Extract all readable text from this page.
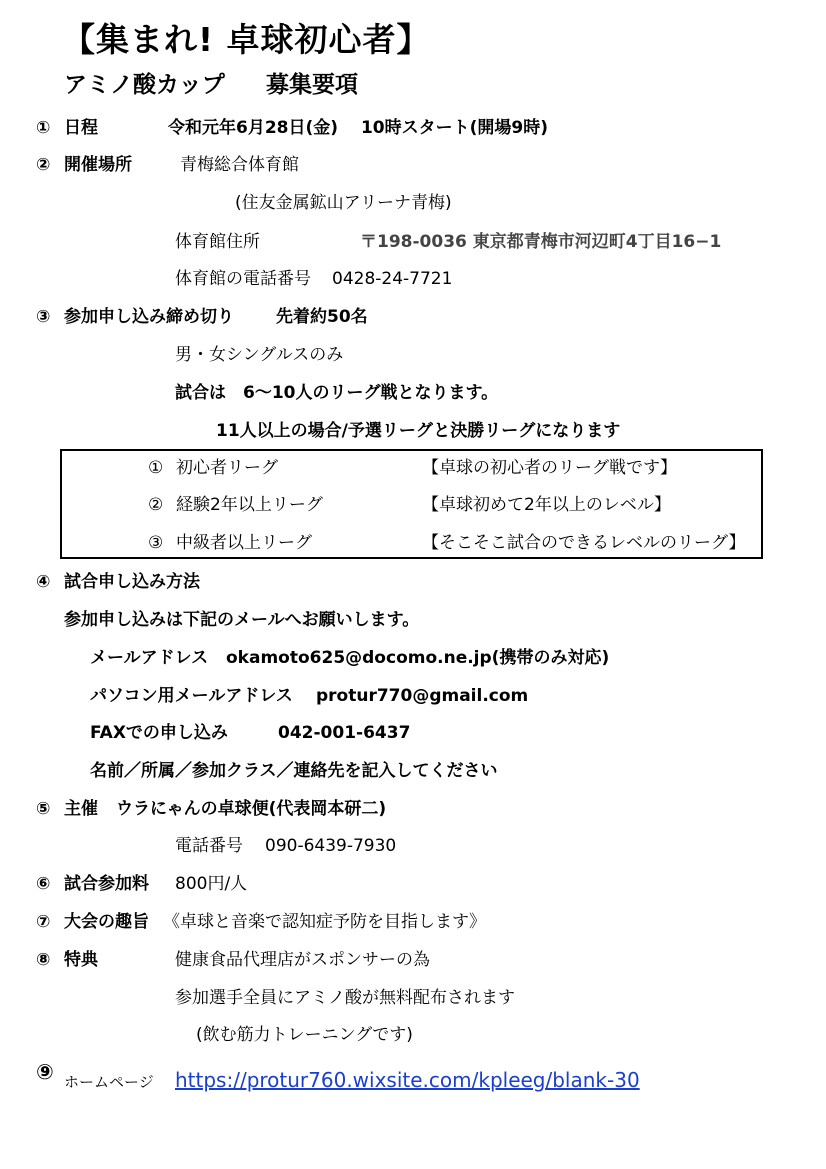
【集まれ! 卓球初心者】
アミノ酸カップ 募集要項
① 日程	令和元年6月28日(金)　 10時スタート(開場9時)
② 開催場所	青梅総合体育館
(住友金属鉱山アリーナ青梅)
体育館住所	〒198-0036 東京都青梅市河辺町4丁目16−1
体育館の電話番号 0428-24-7721
③ 参加申し込み締め切り 先着約50名
男・女シングルスのみ
試合は　6～10人のリーグ戦となります。
11人以上の場合/予選リーグと決勝リーグになります
① 初心者リーグ	【卓球の初心者のリーグ戦です】
② 経験2年以上リーグ	【卓球初めて2年以上のレベル】
③ 中級者以上リーグ	【そこそこ試合のできるレベルのリーグ】
④ 試合申し込み方法
参加申し込みは下記のメールへお願いします。
メールアドレス okamoto625@docomo.ne.jp(携帯のみ対応)
パソコン用メールアドレス protur770@gmail.com
FAXでの申し込み	042-001-6437
名前／所属／参加クラス／連絡先を記入してください
⑤ 主催 ウラにゃんの卓球便(代表岡本研二)
電話番号 090-6439-7930
⑥ 試合参加料 800円/人
⑦ 大会の趣旨 《卓球と音楽で認知症予防を目指します》
⑧ 特典	健康食品代理店がスポンサーの為
参加選手全員にアミノ酸が無料配布されます
(飲む筋力トレーニングです)
⑨ ホームページ https://protur760.wixsite.com/kpleeg/blank-30
